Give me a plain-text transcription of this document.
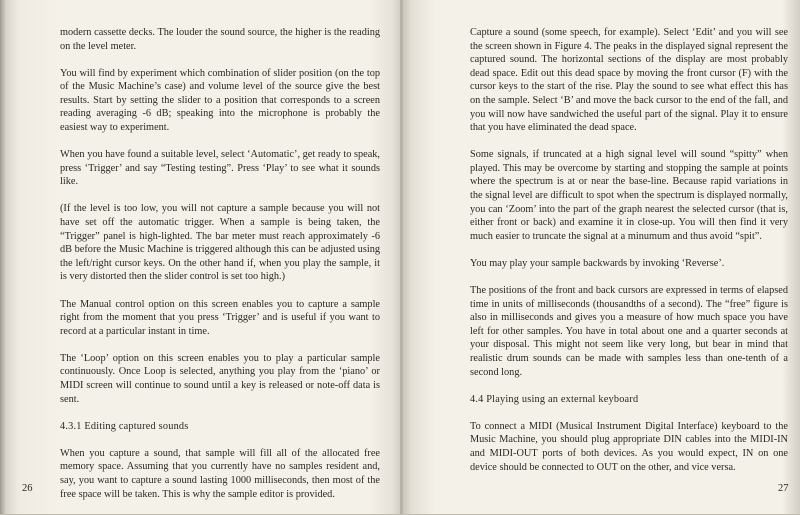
modern cassette decks. The louder the sound source, the higher is the reading on the level meter.

You will find by experiment which combination of slider position (on the top of the Music Machine’s case) and volume level of the source give the best results. Start by setting the slider to a position that corresponds to a screen reading averaging -6 dB; speaking into the microphone is probably the easiest way to experiment.

When you have found a suitable level, select ‘Automatic’, get ready to speak, press ‘Trigger’ and say “Testing testing”. Press ‘Play’ to see what it sounds like.

(If the level is too low, you will not capture a sample because you will not have set off the automatic trigger. When a sample is being taken, the “Trigger” panel is high-lighted. The bar meter must reach approximately -6 dB before the Music Machine is triggered although this can be adjusted using the left/right cursor keys. On the other hand if, when you play the sample, it is very distorted then the slider control is set too high.)

The Manual control option on this screen enables you to capture a sample right from the moment that you press ‘Trigger’ and is useful if you want to record at a particular instant in time.

The ‘Loop’ option on this screen enables you to play a particular sample continuously. Once Loop is selected, anything you play from the ‘piano’ or MIDI screen will continue to sound until a key is released or note-off data is sent.

4.3.1 Editing captured sounds

When you capture a sound, that sample will fill all of the allocated free memory space. Assuming that you currently have no samples resident and, say, you want to capture a sound lasting 1000 milliseconds, then most of the free space will be taken. This is why the sample editor is provided.

Capture a sound (some speech, for example). Select ‘Edit’ and you will see the screen shown in Figure 4. The peaks in the displayed signal represent the captured sound. The horizontal sections of the display are most probably dead space. Edit out this dead space by moving the front cursor (F) with the cursor keys to the start of the rise. Play the sound to see what effect this has on the sample. Select ‘B’ and move the back cursor to the end of the fall, and you will now have sandwiched the useful part of the signal. Play it to ensure that you have eliminated the dead space.

Some signals, if truncated at a high signal level will sound “spitty” when played. This may be overcome by starting and stopping the sample at points where the spectrum is at or near the base-line. Because rapid variations in the signal level are difficult to spot when the spectrum is displayed normally, you can ‘Zoom’ into the part of the graph nearest the selected cursor (that is, either front or back) and examine it in close-up. You will then find it very much easier to truncate the signal at a minumum and thus avoid “spit”.

You may play your sample backwards by invoking ‘Reverse’.

The positions of the front and back cursors are expressed in terms of elapsed time in units of milliseconds (thousandths of a second). The “free” figure is also in milliseconds and gives you a measure of how much space you have left for other samples. You have in total about one and a quarter seconds at your disposal. This might not seem like very long, but bear in mind that realistic drum sounds can be made with samples less than one-tenth of a second long.

4.4 Playing using an external keyboard

To connect a MIDI (Musical Instrument Digital Interface) keyboard to the Music Machine, you should plug appropriate DIN cables into the MIDI-IN and MIDI-OUT ports of both devices. As you would expect, IN on one device should be connected to OUT on the other, and vice versa.

26	27
